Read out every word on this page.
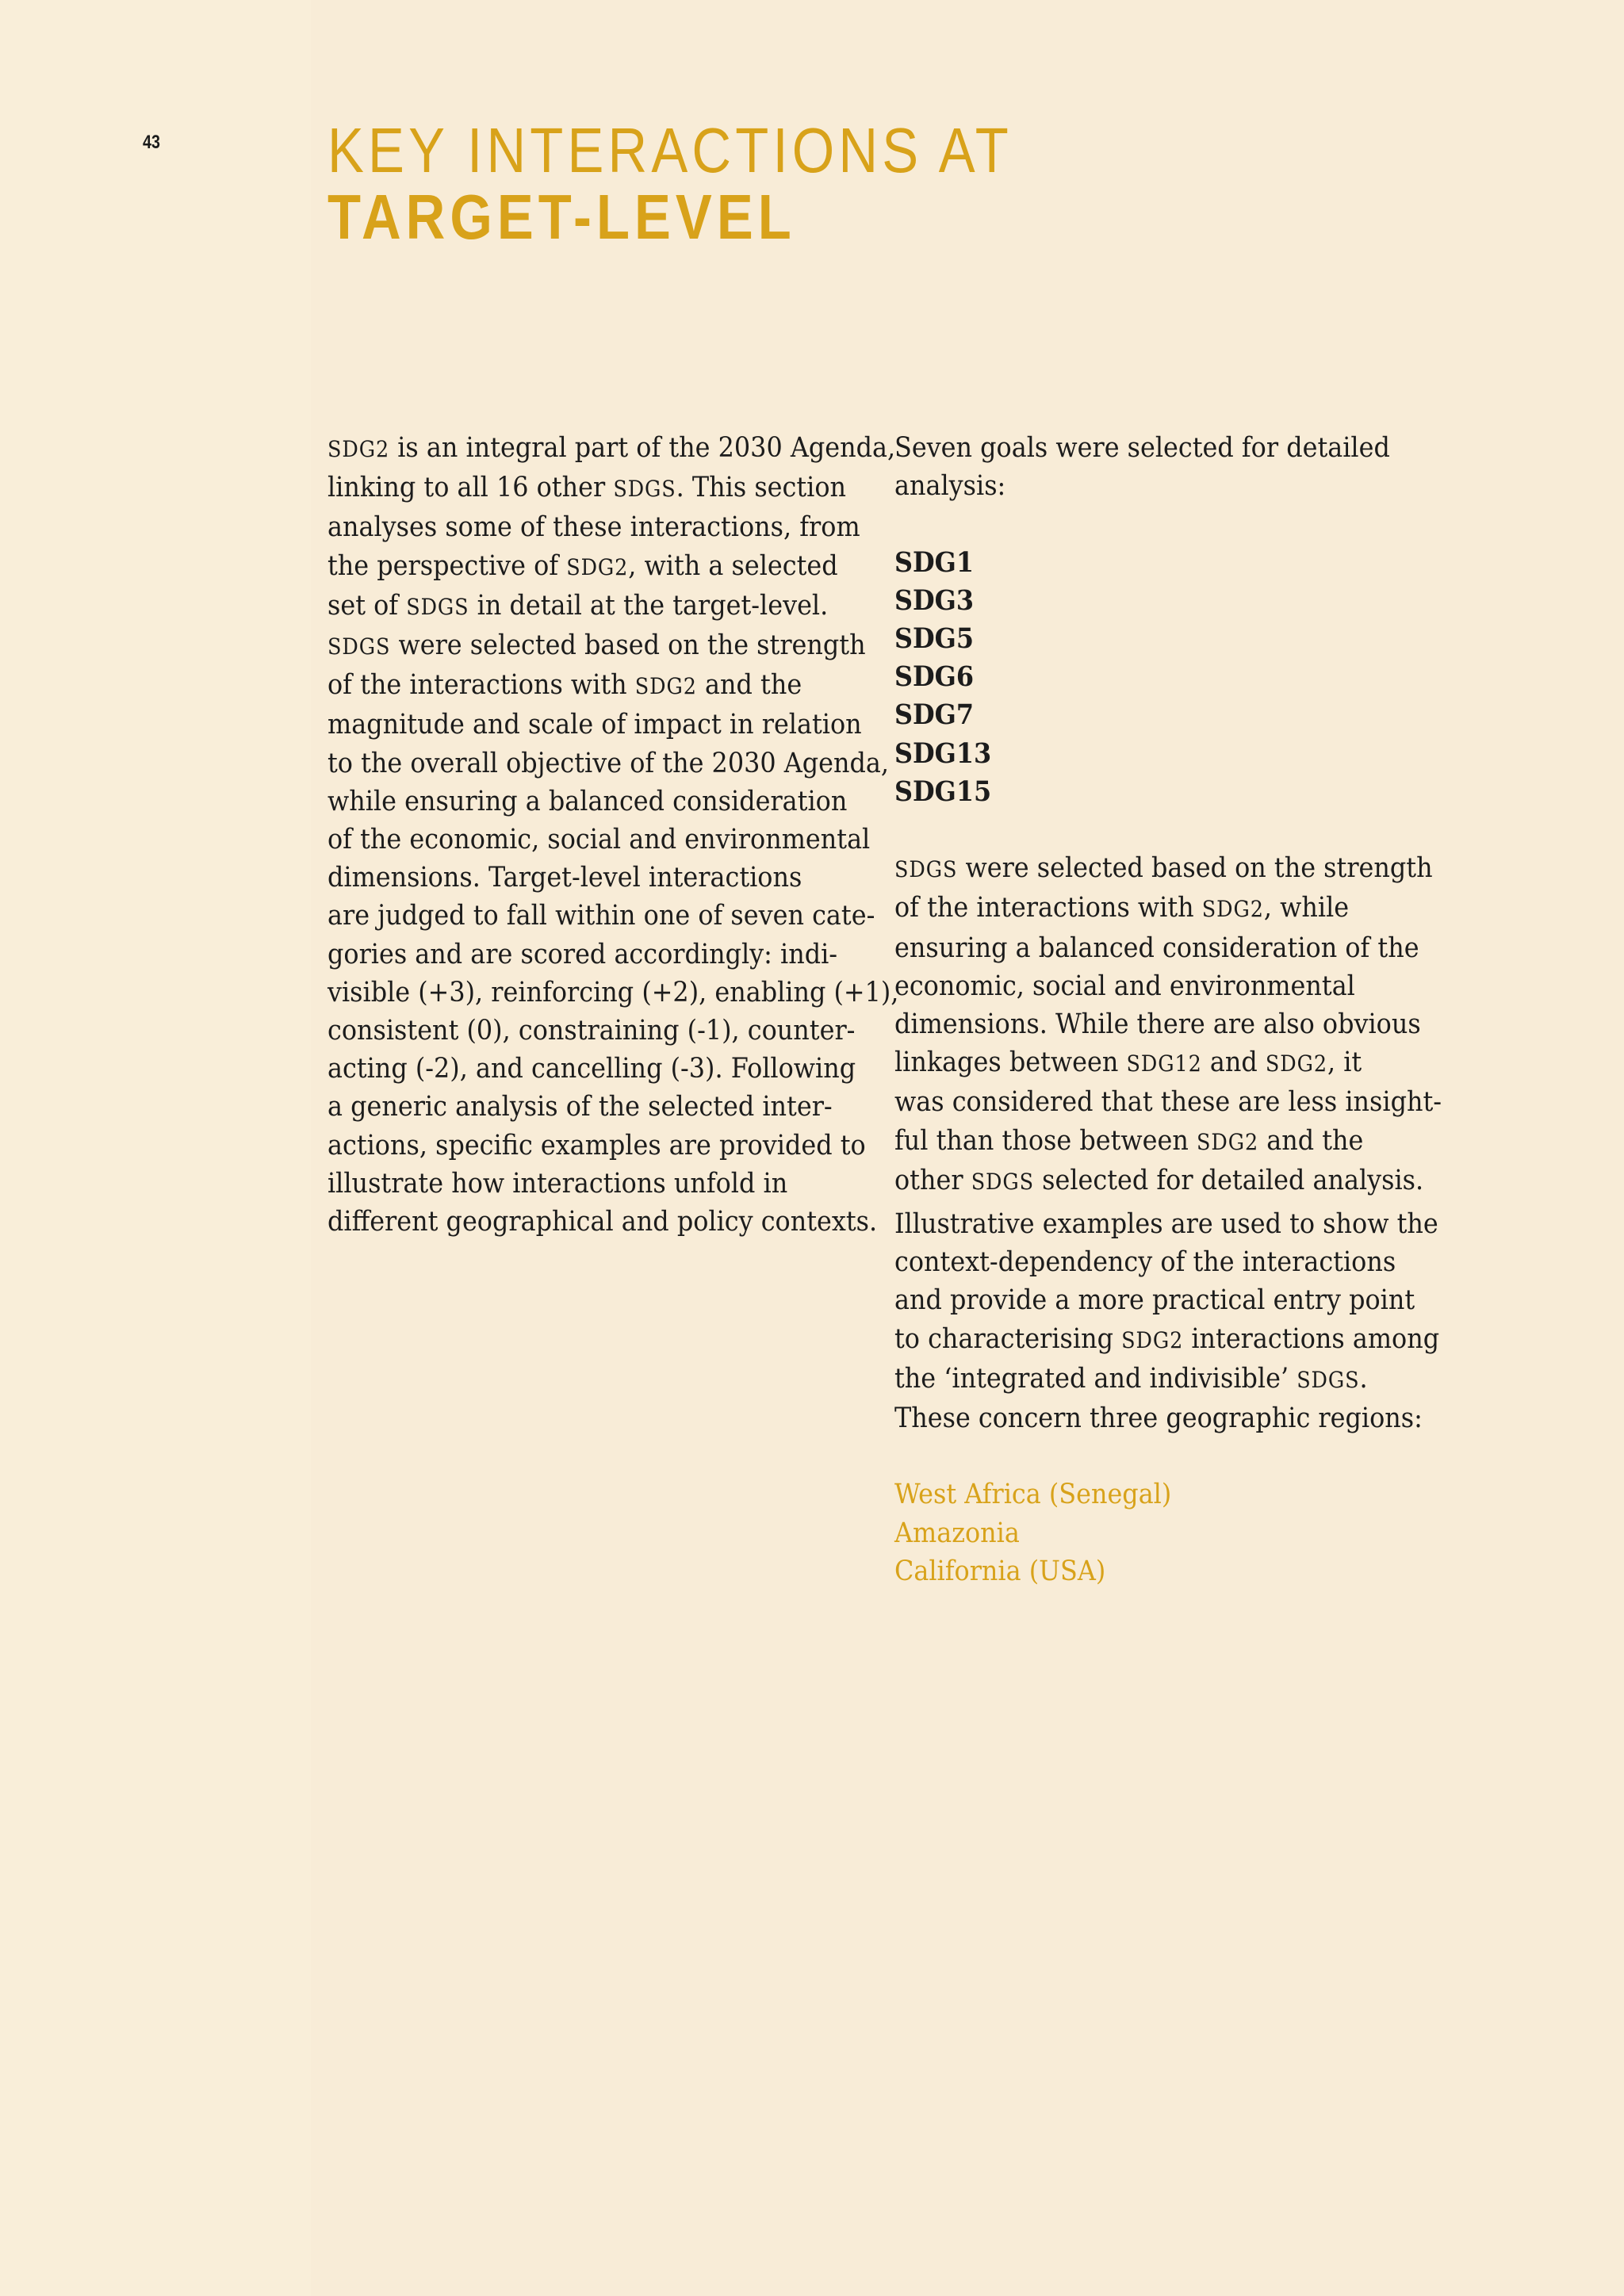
43	KEY INTERACTIONS AT
TARGET-LEVEL
SDG2 is an integral part of the 2030 Agenda,
linking to all 16 other SDGS. This section
analyses some of these interactions, from
the perspective of SDG2, with a selected
set of SDGS in detail at the target-level.
SDGS were selected based on the strength
of the interactions with SDG2 and the
magnitude and scale of impact in relation
to the overall objective of the 2030 Agenda,
while ensuring a balanced consideration
of the economic, social and environmental
dimensions. Target-level interactions
are judged to fall within one of seven cate-
gories and are scored accordingly: indi-
visible (+3), reinforcing (+2), enabling (+1),
consistent (0), constraining (-1), counter-
acting (-2), and cancelling (-3). Following
a generic analysis of the selected inter-
actions, specific examples are provided to
illustrate how interactions unfold in
different geographical and policy contexts.
Seven goals were selected for detailed
analysis:
SDG1
SDG3
SDG5
SDG6
SDG7
SDG13
SDG15
SDGS were selected based on the strength
of the interactions with SDG2, while
ensuring a balanced consideration of the
economic, social and environmental
dimensions. While there are also obvious
linkages between SDG12 and SDG2, it
was considered that these are less insight-
ful than those between SDG2 and the
other SDGS selected for detailed analysis.
Illustrative examples are used to show the
context-dependency of the interactions
and provide a more practical entry point
to characterising SDG2 interactions among
the ‘integrated and indivisible’ SDGS.
These concern three geographic regions:
West Africa (Senegal)
Amazonia
California (USA)
